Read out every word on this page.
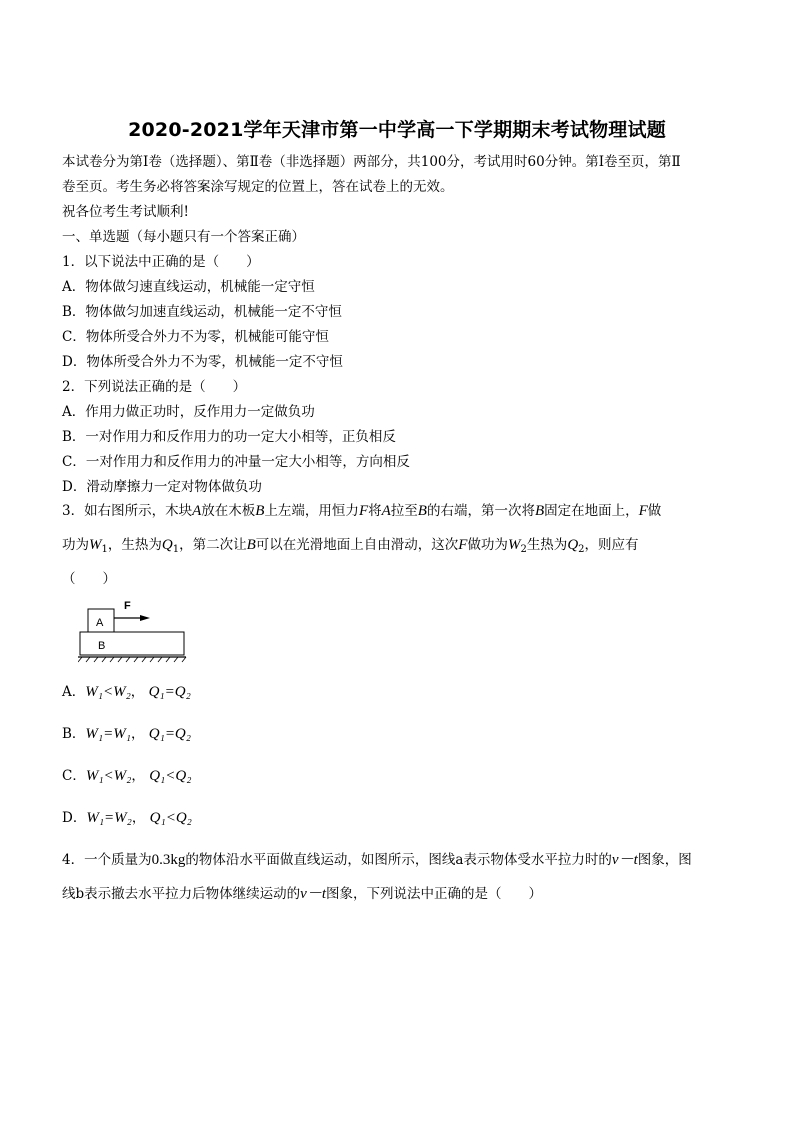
2020-2021学年天津市第一中学高一下学期期末考试物理试题
本试卷分为第Ⅰ卷（选择题）、第Ⅱ卷（非选择题）两部分，共100分，考试用时60分钟。第Ⅰ卷至页，第Ⅱ
卷至页。考生务必将答案涂写规定的位置上，答在试卷上的无效。
祝各位考生考试顺利!
一、单选题（每小题只有一个答案正确）
1．以下说法中正确的是（　　）
A．物体做匀速直线运动，机械能一定守恒
B．物体做匀加速直线运动，机械能一定不守恒
C．物体所受合外力不为零，机械能可能守恒
D．物体所受合外力不为零，机械能一定不守恒
2．下列说法正确的是（　　）
A．作用力做正功时，反作用力一定做负功
B．一对作用力和反作用力的功一定大小相等，正负相反
C．一对作用力和反作用力的冲量一定大小相等，方向相反
D．滑动摩擦力一定对物体做负功
3．如右图所示，木块A放在木板B上左端，用恒力F将A拉至B的右端，第一次将B固定在地面上，F做
功为$W_1$，生热为$Q_1$，第二次让B可以在光滑地面上自由滑动，这次F做功为$W_2$生热为$Q_2$，则应有
（　　）
A
F
B
A．W₁<W₂， Q₁=Q₂
B．W₁=W₁， Q₁=Q₂
C．W₁<W₂， Q₁<Q₂
D．W₁=W₂， Q₁<Q₂
4．一个质量为0.3kg的物体沿水平面做直线运动，如图所示，图线a表示物体受水平拉力时的v－t图象，图
线b表示撤去水平拉力后物体继续运动的v－t图象，下列说法中正确的是（　　）
